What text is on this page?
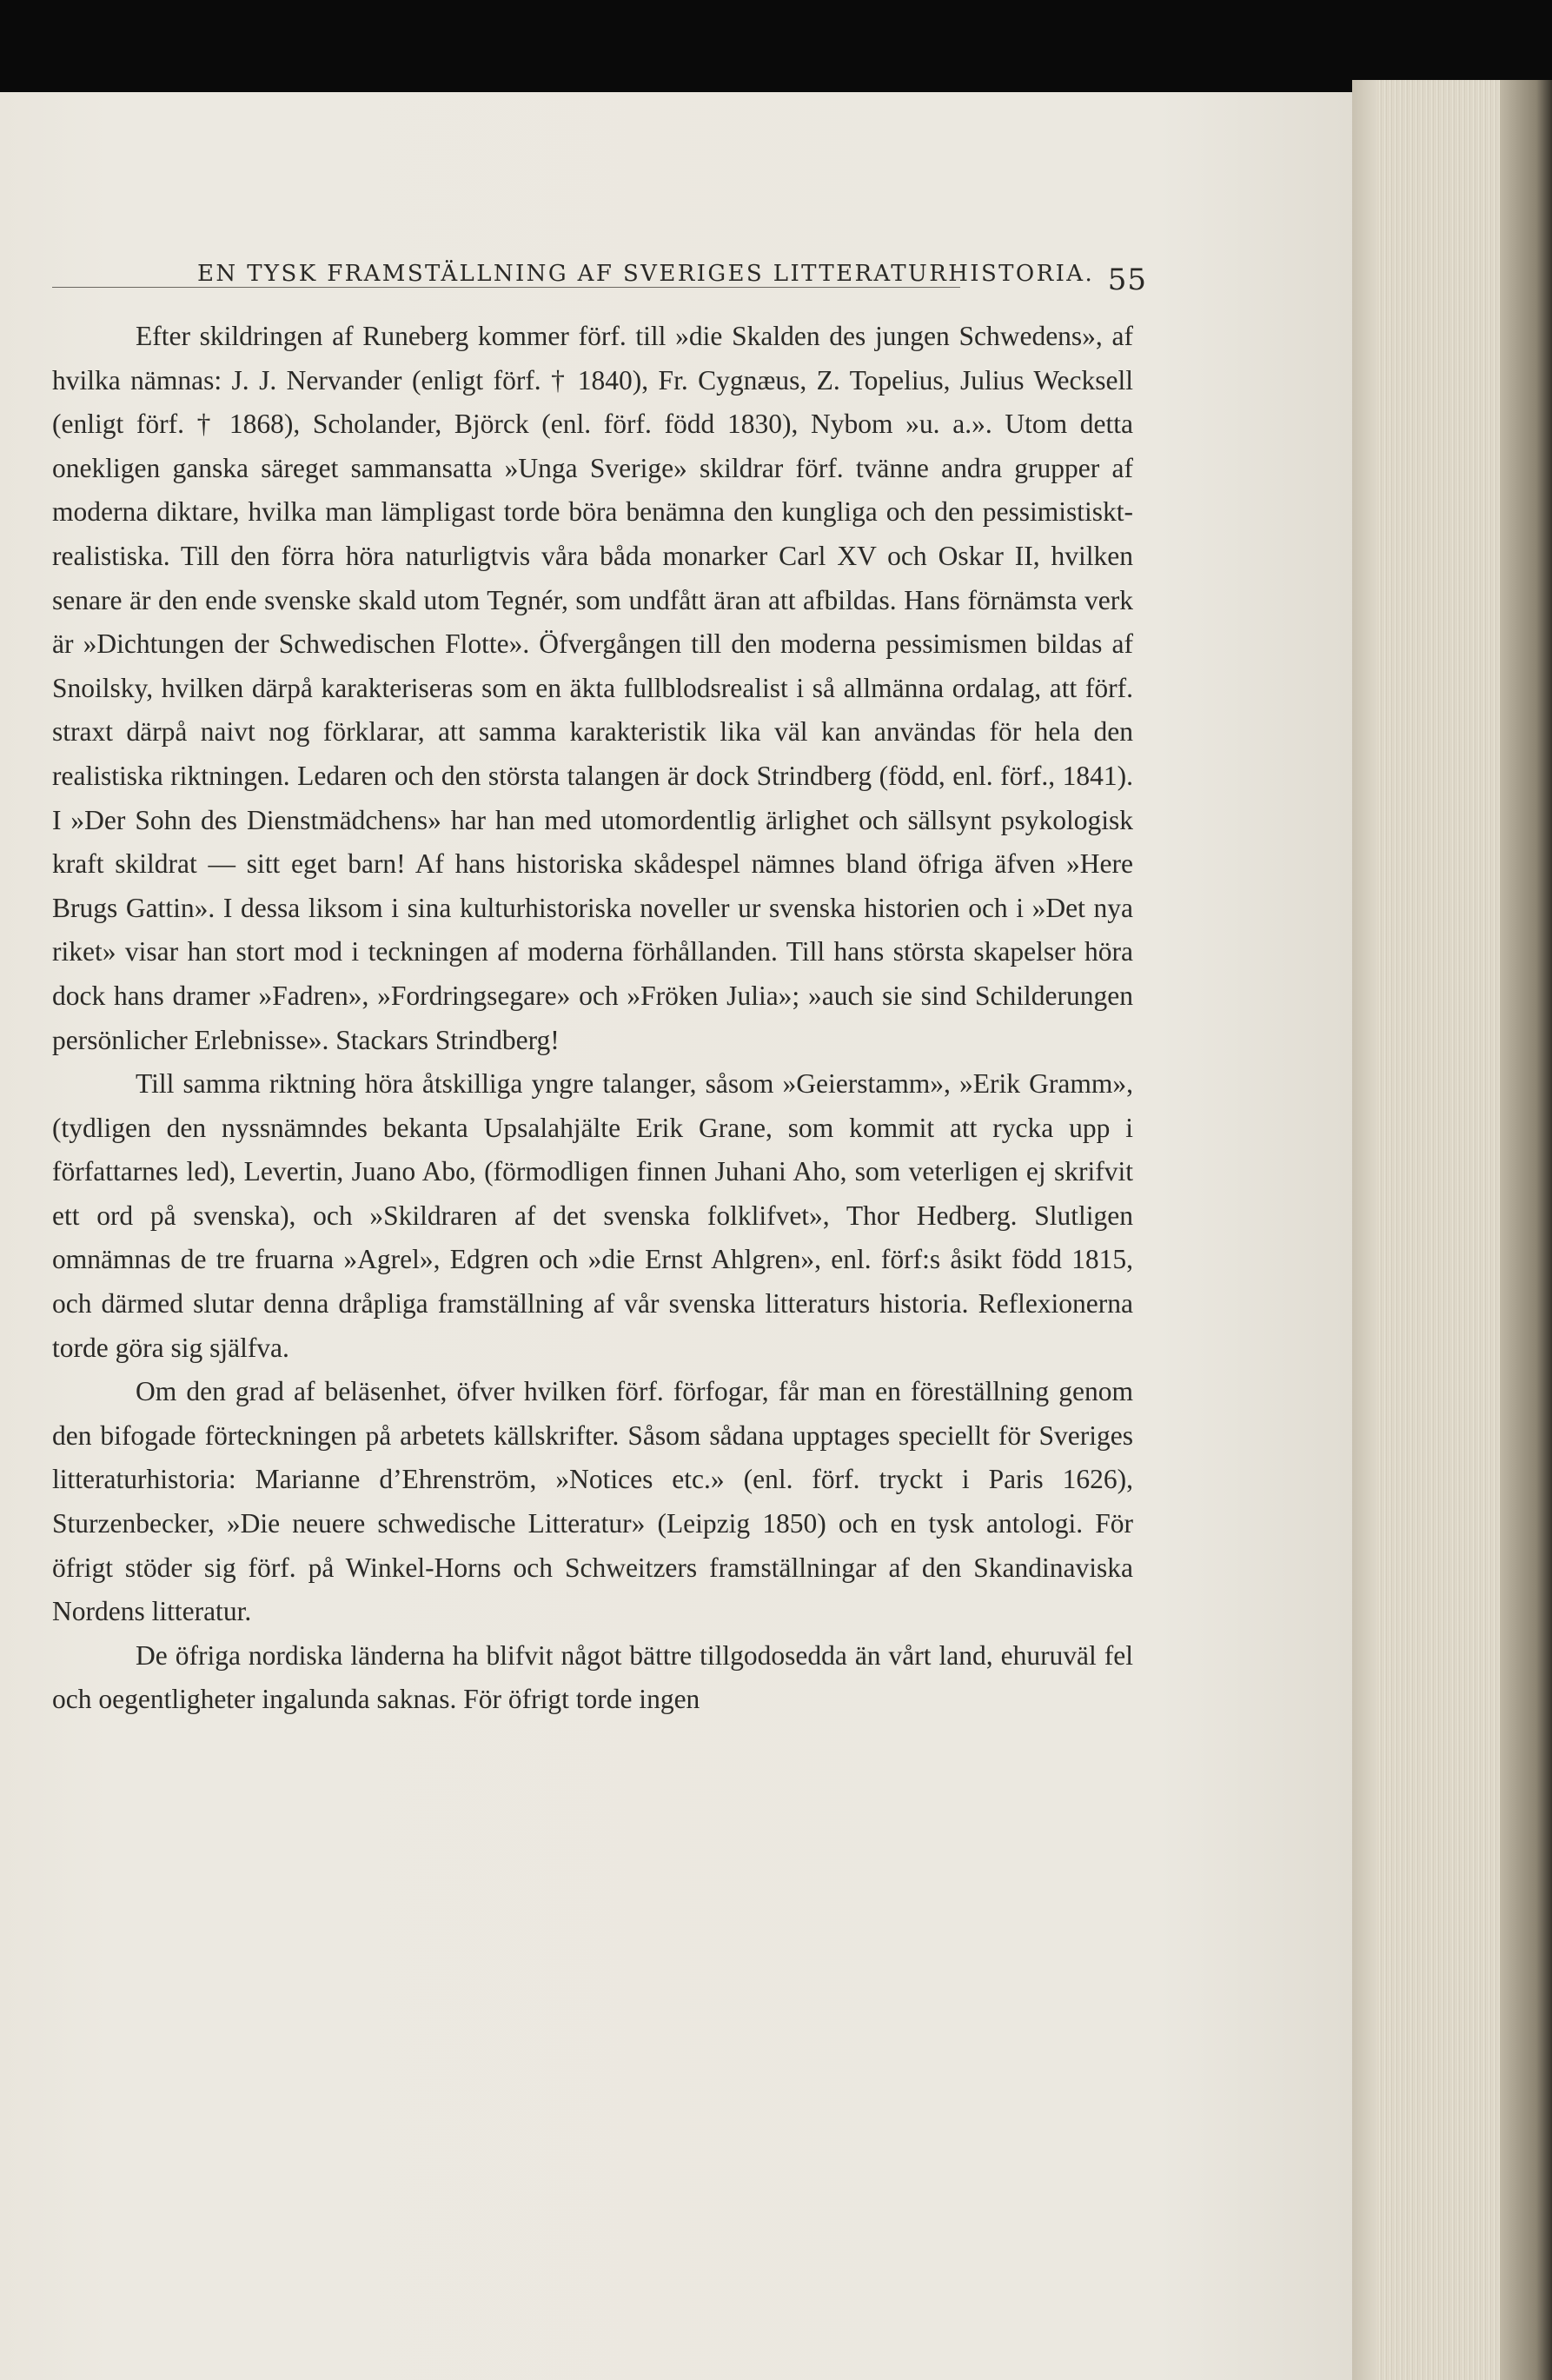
EN TYSK FRAMSTÄLLNING AF SVERIGES LITTERATURHISTORIA. 55

Efter skildringen af Runeberg kommer förf. till »die Skalden des jungen Schwedens», af hvilka nämnas: J. J. Nervander (enligt förf. † 1840), Fr. Cygnæus, Z. Topelius, Julius Wecksell (enligt förf. † 1868), Scholander, Björck (enl. förf. född 1830), Nybom »u. a.». Utom detta onekligen ganska säreget sammansatta »Unga Sverige» skildrar förf. tvänne andra grupper af moderna diktare, hvilka man lämpligast torde böra benämna den kungliga och den pessimistiskt-realistiska. Till den förra höra naturligtvis våra båda monarker Carl XV och Oskar II, hvilken senare är den ende svenske skald utom Tegnér, som undfått äran att afbildas. Hans förnämsta verk är »Dichtungen der Schwedischen Flotte». Öfvergången till den moderna pessimismen bildas af Snoilsky, hvilken därpå karakteriseras som en äkta fullblodsrealist i så allmänna ordalag, att förf. straxt därpå naivt nog förklarar, att samma karakteristik lika väl kan användas för hela den realistiska riktningen. Ledaren och den största talangen är dock Strindberg (född, enl. förf., 1841). I »Der Sohn des Dienstmädchens» har han med utomordentlig ärlighet och sällsynt psykologisk kraft skildrat — sitt eget barn! Af hans historiska skådespel nämnes bland öfriga äfven »Here Brugs Gattin». I dessa liksom i sina kulturhistoriska noveller ur svenska historien och i »Det nya riket» visar han stort mod i teckningen af moderna förhållanden. Till hans största skapelser höra dock hans dramer »Fadren», »Fordringsegare» och »Fröken Julia»; »auch sie sind Schilderungen persönlicher Erlebnisse». Stackars Strindberg!

Till samma riktning höra åtskilliga yngre talanger, såsom »Geierstamm», »Erik Gramm», (tydligen den nyssnämndes bekanta Upsalahjälte Erik Grane, som kommit att rycka upp i författarnes led), Levertin, Juano Abo, (förmodligen finnen Juhani Aho, som veterligen ej skrifvit ett ord på svenska), och »Skildraren af det svenska folklifvet», Thor Hedberg. Slutligen omnämnas de tre fruarna »Agrel», Edgren och »die Ernst Ahlgren», enl. förf:s åsikt född 1815, och därmed slutar denna dråpliga framställning af vår svenska litteraturs historia. Reflexionerna torde göra sig själfva.

Om den grad af beläsenhet, öfver hvilken förf. förfogar, får man en föreställning genom den bifogade förteckningen på arbetets källskrifter. Såsom sådana upptages speciellt för Sveriges litteraturhistoria: Marianne d’Ehrenström, »Notices etc.» (enl. förf. tryckt i Paris 1626), Sturzenbecker, »Die neuere schwedische Litteratur» (Leipzig 1850) och en tysk antologi. För öfrigt stöder sig förf. på Winkel-Horns och Schweitzers framställningar af den Skandinaviska Nordens litteratur.

De öfriga nordiska länderna ha blifvit något bättre tillgodosedda än vårt land, ehuruväl fel och oegentligheter ingalunda saknas. För öfrigt torde ingen
